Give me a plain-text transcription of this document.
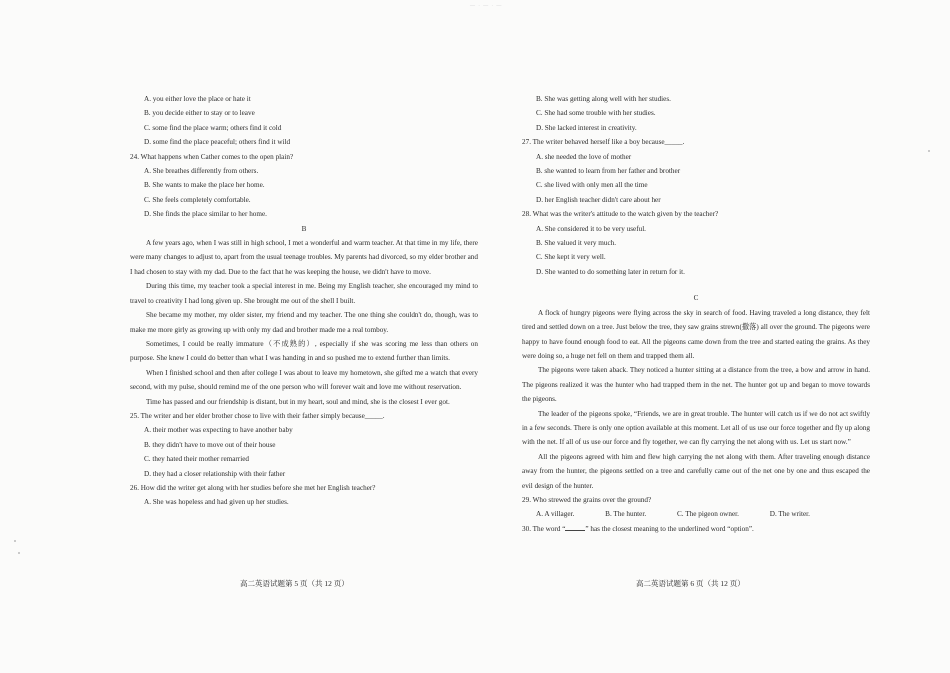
— · — · —
A. you either love the place or hate it
B. you decide either to stay or to leave
C. some find the place warm; others find it cold
D. some find the place peaceful; others find it wild
24. What happens when Cather comes to the open plain?
A. She breathes differently from others.
B. She wants to make the place her home.
C. She feels completely comfortable.
D. She finds the place similar to her home.
B
A few years ago, when I was still in high school, I met a wonderful and warm teacher. At that time in my life, there were many changes to adjust to, apart from the usual teenage troubles. My parents had divorced, so my elder brother and I had chosen to stay with my dad. Due to the fact that he was keeping the house, we didn't have to move.
During this time, my teacher took a special interest in me. Being my English teacher, she encouraged my mind to travel to creativity I had long given up. She brought me out of the shell I built.
She became my mother, my older sister, my friend and my teacher. The one thing she couldn't do, though, was to make me more girly as growing up with only my dad and brother made me a real tomboy.
Sometimes, I could be really immature（不成熟的）, especially if she was scoring me less than others on purpose. She knew I could do better than what I was handing in and so pushed me to extend further than limits.
When I finished school and then after college I was about to leave my hometown, she gifted me a watch that every second, with my pulse, should remind me of the one person who will forever wait and love me without reservation.
Time has passed and our friendship is distant, but in my heart, soul and mind, she is the closest I ever got.
25. The writer and her elder brother chose to live with their father simply because_____.
A. their mother was expecting to have another baby
B. they didn't have to move out of their house
C. they hated their mother remarried
D. they had a closer relationship with their father
26. How did the writer get along with her studies before she met her English teacher?
A. She was hopeless and had given up her studies.
B. She was getting along well with her studies.
C. She had some trouble with her studies.
D. She lacked interest in creativity.
27. The writer behaved herself like a boy because_____.
A. she needed the love of mother
B. she wanted to learn from her father and brother
C. she lived with only men all the time
D. her English teacher didn't care about her
28. What was the writer's attitude to the watch given by the teacher?
A. She considered it to be very useful.
B. She valued it very much.
C. She kept it very well.
D. She wanted to do something later in return for it.
C
A flock of hungry pigeons were flying across the sky in search of food. Having traveled a long distance, they felt tired and settled down on a tree. Just below the tree, they saw grains strewn(撒落) all over the ground. The pigeons were happy to have found enough food to eat. All the pigeons came down from the tree and started eating the grains. As they were doing so, a huge net fell on them and trapped them all.
The pigeons were taken aback. They noticed a hunter sitting at a distance from the tree, a bow and arrow in hand. The pigeons realized it was the hunter who had trapped them in the net. The hunter got up and began to move towards the pigeons.
The leader of the pigeons spoke, “Friends, we are in great trouble. The hunter will catch us if we do not act swiftly in a few seconds. There is only one option available at this moment. Let all of us use our force together and fly up along with the net. If all of us use our force and fly together, we can fly carrying the net along with us. Let us start now.”
All the pigeons agreed with him and flew high carrying the net along with them. After traveling enough distance away from the hunter, the pigeons settled on a tree and carefully came out of the net one by one and thus escaped the evil design of the hunter.
29. Who strewed the grains over the ground?
A. A villager.	B. The hunter.	C. The pigeon owner.	D. The writer.
30. The word “	” has the closest meaning to the underlined word “option”.
高二英语试题第 5 页（共 12 页）	高二英语试题第 6 页（共 12 页）
